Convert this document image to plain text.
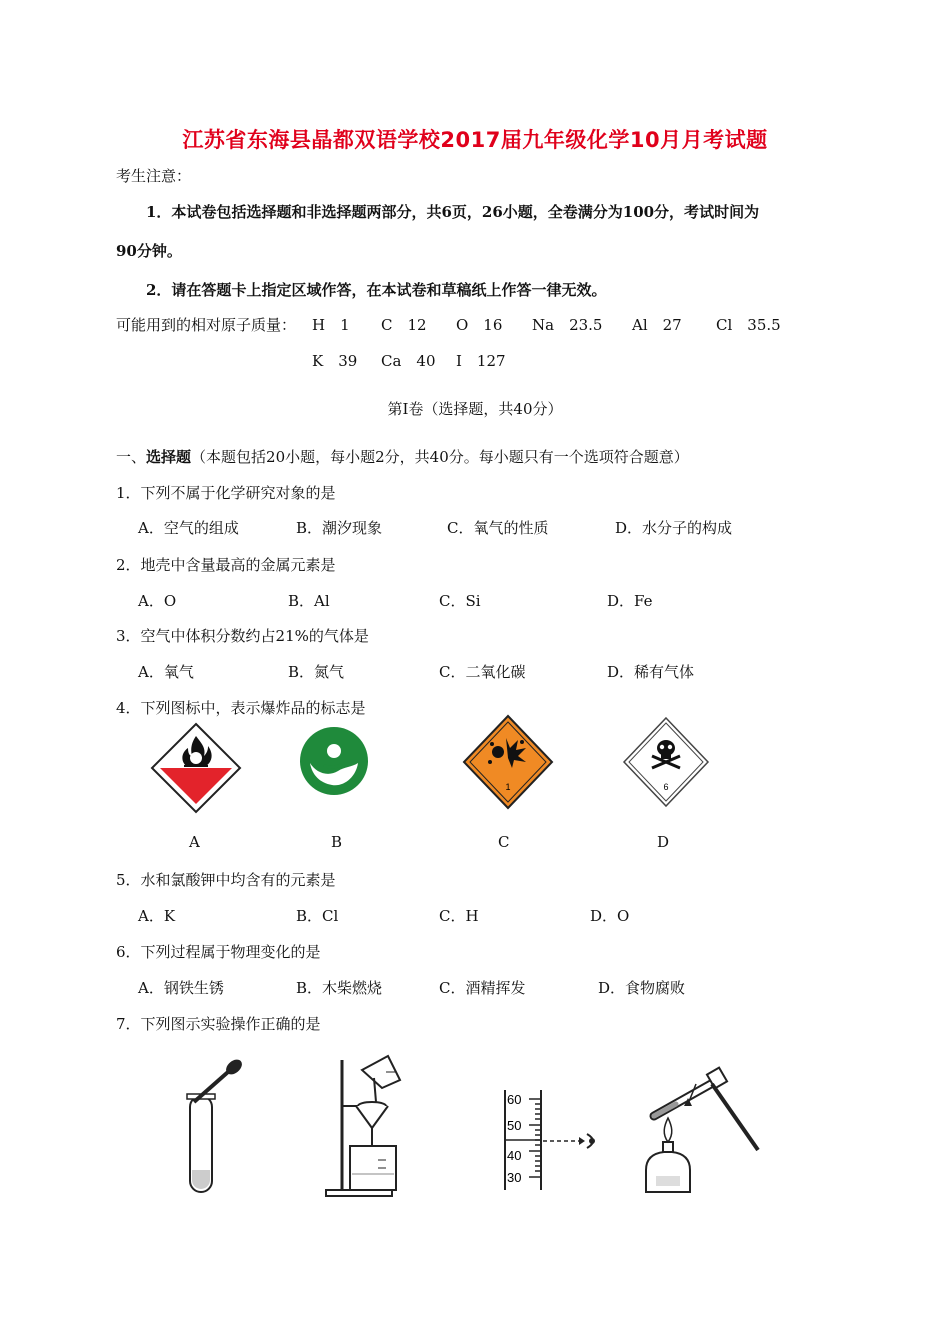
江苏省东海县晶都双语学校2017届九年级化学10月月考试题
考生注意：
1．本试卷包括选择题和非选择题两部分，共6页，26小题，全卷满分为100分，考试时间为
90分钟。
2．请在答题卡上指定区域作答，在本试卷和草稿纸上作答一律无效。
可能用到的相对原子质量： H　1 C　12 O　16 Na　23.5 Al　27 Cl　35.5
K　39 Ca　40 I　127
第Ⅰ卷（选择题，共40分）
一、选择题（本题包括20小题，每小题2分，共40分。每小题只有一个选项符合题意）
1．下列不属于化学研究对象的是
A．空气的组成	B．潮汐现象	C．氧气的性质	D．水分子的构成
2．地壳中含量最高的金属元素是
A．O	B．Al	C．Si	D．Fe
3．空气中体积分数约占21%的气体是
A．氧气	B．氮气	C．二氧化碳	D．稀有气体
4．下列图标中，表示爆炸品的标志是
1	6
A	B	C	D
5．水和氯酸钾中均含有的元素是
A．K	B．Cl	C．H	D．O
6．下列过程属于物理变化的是
A．钢铁生锈	B．木柴燃烧	C．酒精挥发	D．食物腐败
7．下列图示实验操作正确的是
60
50
40
30
